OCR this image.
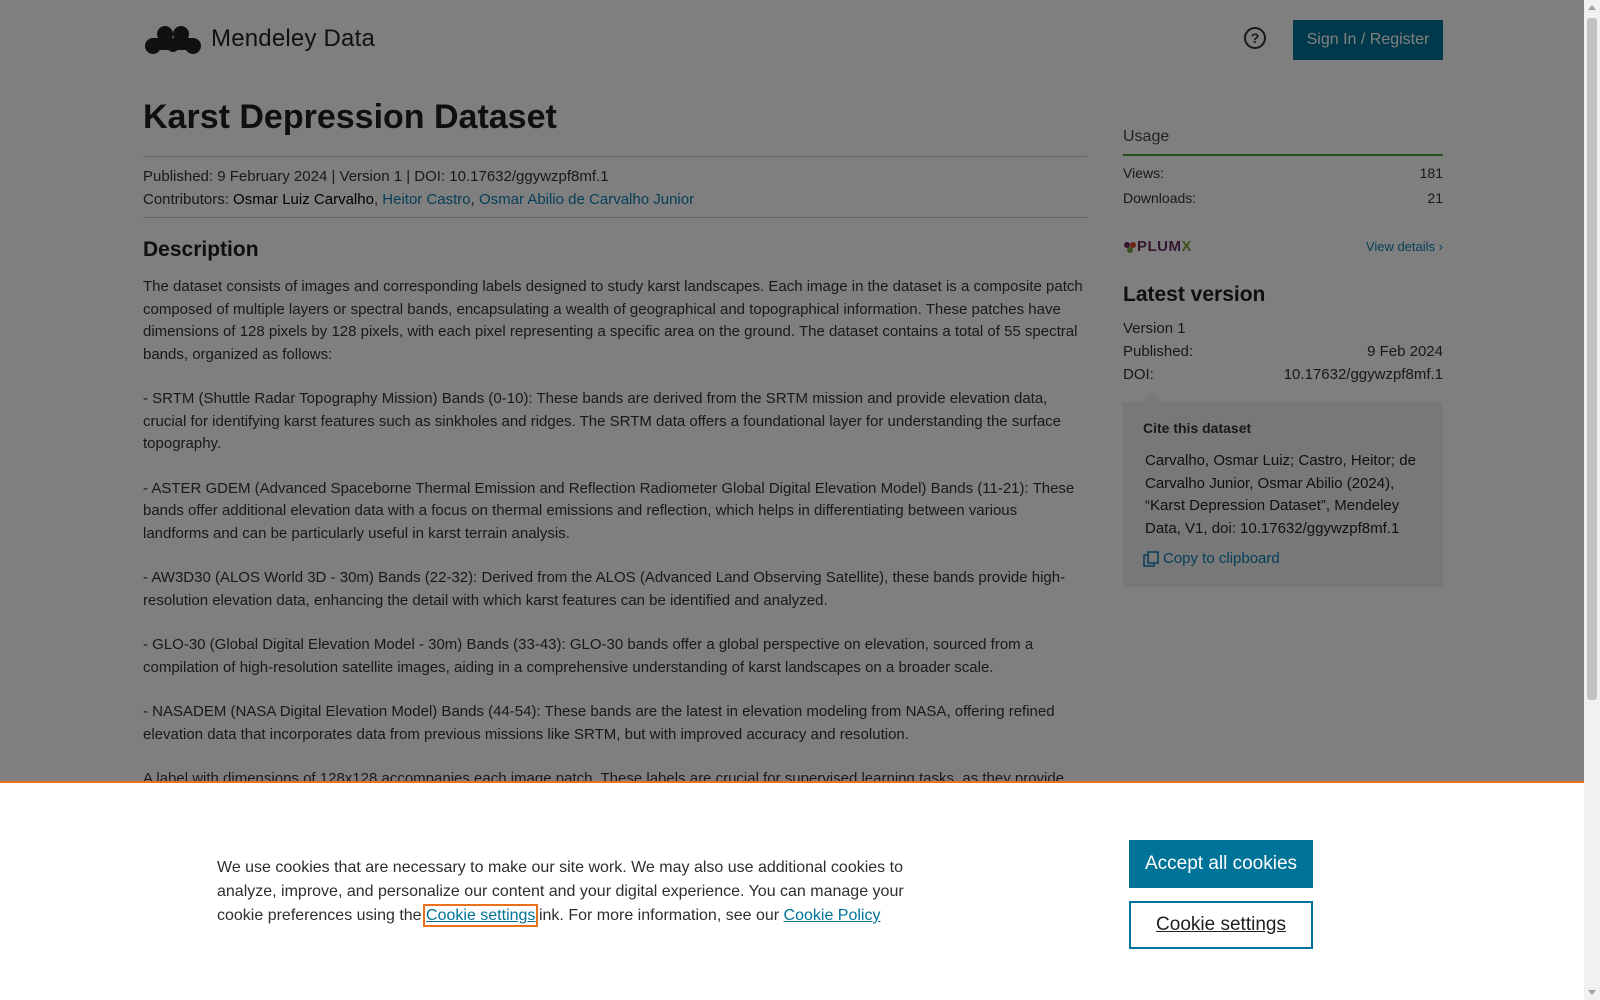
We use cookies that are necessary to make our site work. We may also use additional cookies to analyze, improve, and personalize our content and your digital experience. You can manage your cookie preferences using the Cookie settingslink. For more information, see our Cookie Policy
Accept all cookies
Cookie settings
